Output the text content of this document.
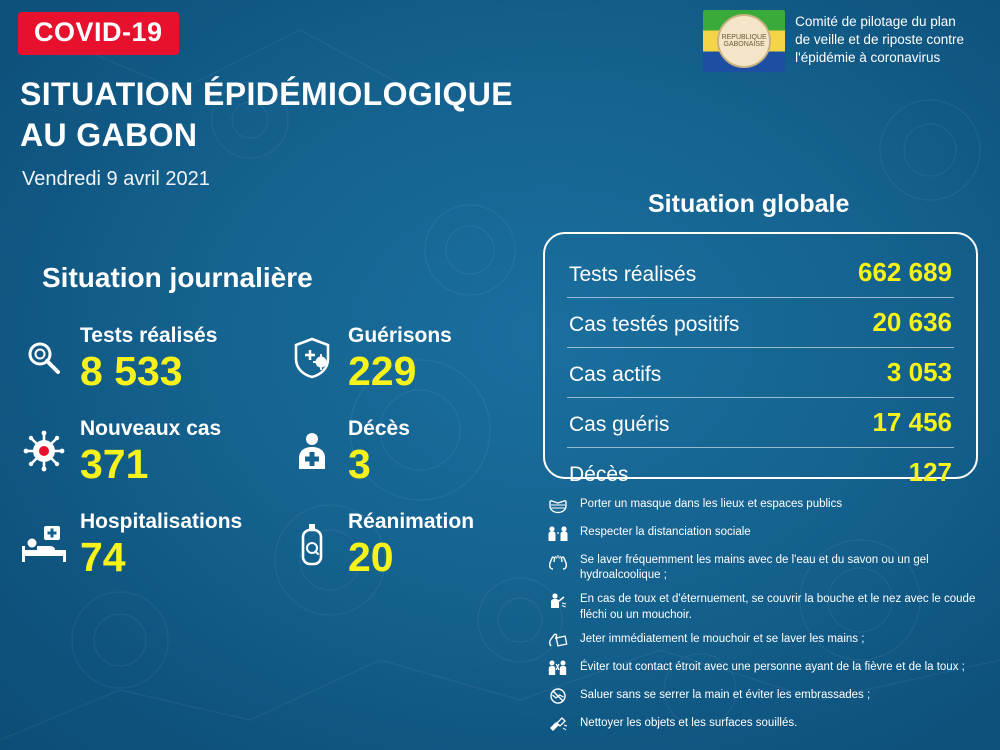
COVID-19
SITUATION ÉPIDÉMIOLOGIQUE
AU GABON
Vendredi 9 avril 2021
REPUBLIQUE GABONAISE
Comité de pilotage du plan
de veille et de riposte contre
l'épidémie à coronavirus
Situation journalière
Tests réalisés
8 533
Guérisons
229
Nouveaux cas
371
Décès
3
Hospitalisations
74
Réanimation
20
Situation globale
Tests réalisés	662 689
Cas testés positifs	20 636
Cas actifs	3 053
Cas guéris	17 456
Décès	127
Porter un masque dans les lieux et espaces publics
Respecter la distanciation sociale
Se laver fréquemment les mains avec de l'eau et du savon ou un gel hydroalcoolique ;
En cas de toux et d'éternuement, se couvrir la bouche et le nez avec le coude fléchi ou un mouchoir.
Jeter immédiatement le mouchoir et se laver les mains ;
Éviter tout contact étroit avec une personne ayant de la fièvre et de la toux ;
Saluer sans se serrer la main et éviter les embrassades ;
Nettoyer les objets et les surfaces souillés.
